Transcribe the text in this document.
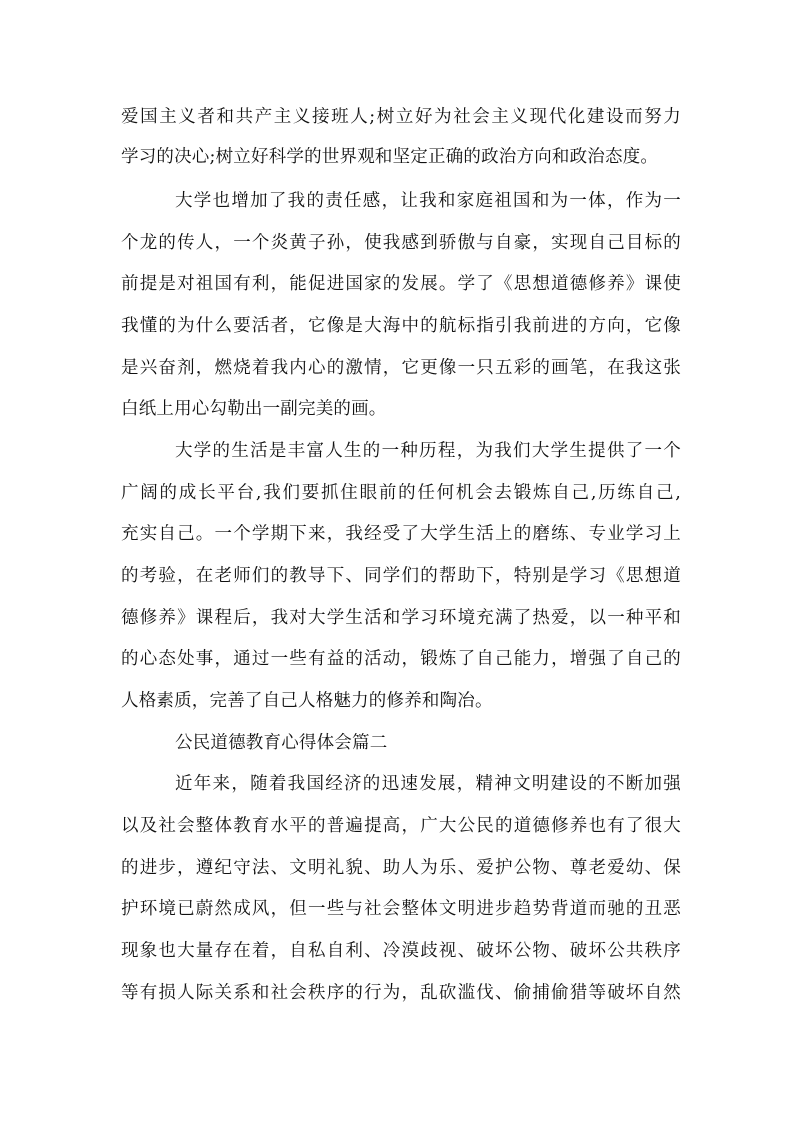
爱国主义者和共产主义接班人;树立好为社会主义现代化建设而努力
学习的决心;树立好科学的世界观和坚定正确的政治方向和政治态度。
大学也增加了我的责任感，让我和家庭祖国和为一体，作为一
个龙的传人，一个炎黄子孙，使我感到骄傲与自豪，实现自己目标的
前提是对祖国有利，能促进国家的发展。学了《思想道德修养》课使
我懂的为什么要活者，它像是大海中的航标指引我前进的方向，它像
是兴奋剂，燃烧着我内心的激情，它更像一只五彩的画笔，在我这张
白纸上用心勾勒出一副完美的画。
大学的生活是丰富人生的一种历程，为我们大学生提供了一个
广阔的成长平台,我们要抓住眼前的任何机会去锻炼自己,历练自己,
充实自己。一个学期下来，我经受了大学生活上的磨练、专业学习上
的考验，在老师们的教导下、同学们的帮助下，特别是学习《思想道
德修养》课程后，我对大学生活和学习环境充满了热爱，以一种平和
的心态处事，通过一些有益的活动，锻炼了自己能力，增强了自己的
人格素质，完善了自己人格魅力的修养和陶冶。
公民道德教育心得体会篇二
近年来，随着我国经济的迅速发展，精神文明建设的不断加强
以及社会整体教育水平的普遍提高，广大公民的道德修养也有了很大
的进步，遵纪守法、文明礼貌、助人为乐、爱护公物、尊老爱幼、保
护环境已蔚然成风，但一些与社会整体文明进步趋势背道而驰的丑恶
现象也大量存在着，自私自利、冷漠歧视、破坏公物、破坏公共秩序
等有损人际关系和社会秩序的行为，乱砍滥伐、偷捕偷猎等破坏自然
